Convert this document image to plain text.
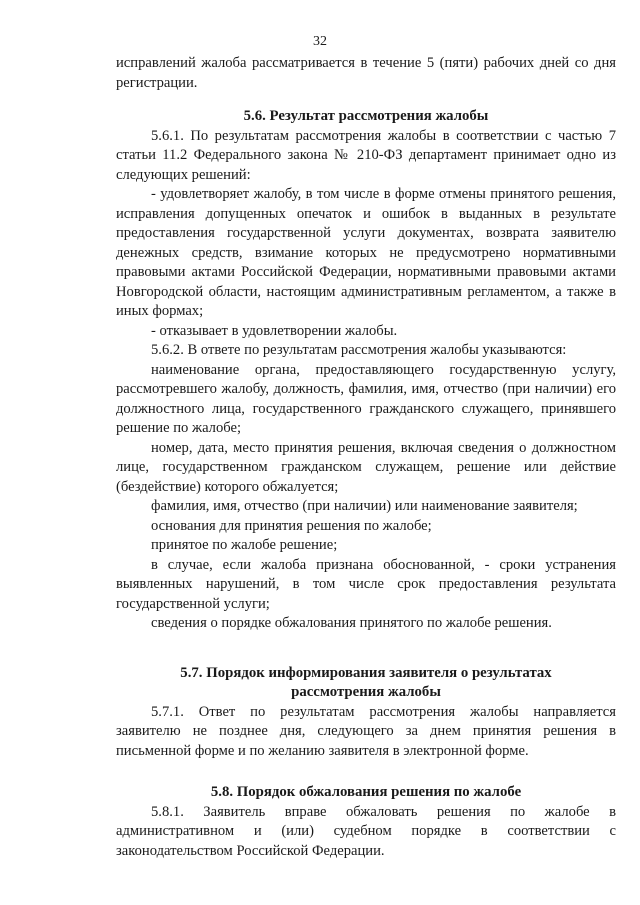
32

исправлений жалоба рассматривается в течение 5 (пяти) рабочих дней со дня регистрации.

5.6. Результат рассмотрения жалобы

5.6.1. По результатам рассмотрения жалобы в соответствии с частью 7 статьи 11.2 Федерального закона № 210-ФЗ департамент принимает одно из следующих решений:

- удовлетворяет жалобу, в том числе в форме отмены принятого решения, исправления допущенных опечаток и ошибок в выданных в результате предоставления государственной услуги документах, возврата заявителю денежных средств, взимание которых не предусмотрено нормативными правовыми актами Российской Федерации, нормативными правовыми актами Новгородской области, настоящим административным регламентом, а также в иных формах;

- отказывает в удовлетворении жалобы.

5.6.2. В ответе по результатам рассмотрения жалобы указываются:

наименование органа, предоставляющего государственную услугу, рассмотревшего жалобу, должность, фамилия, имя, отчество (при наличии) его должностного лица, государственного гражданского служащего, принявшего решение по жалобе;

номер, дата, место принятия решения, включая сведения о должностном лице, государственном гражданском служащем, решение или действие (бездействие) которого обжалуется;

фамилия, имя, отчество (при наличии) или наименование заявителя;

основания для принятия решения по жалобе;

принятое по жалобе решение;

в случае, если жалоба признана обоснованной, - сроки устранения выявленных нарушений, в том числе срок предоставления результата государственной услуги;

сведения о порядке обжалования принятого по жалобе решения.

5.7. Порядок информирования заявителя о результатах

рассмотрения жалобы

5.7.1. Ответ по результатам рассмотрения жалобы направляется заявителю не позднее дня, следующего за днем принятия решения в письменной форме и по желанию заявителя в электронной форме.

5.8. Порядок обжалования решения по жалобе

5.8.1. Заявитель вправе обжаловать решения по жалобе в административном и (или) судебном порядке в соответствии с законодательством Российской Федерации.
